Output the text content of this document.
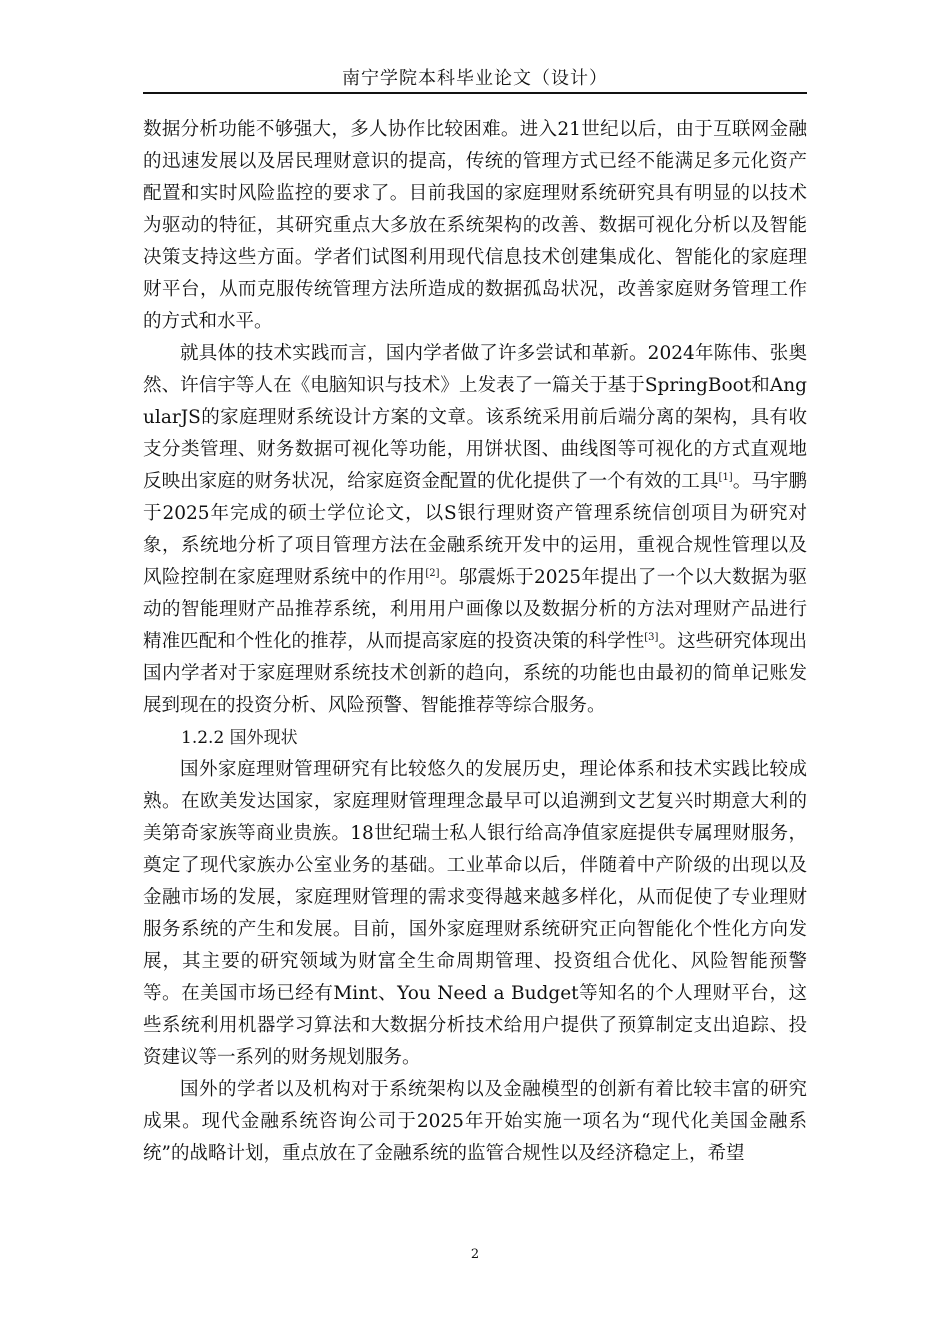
南宁学院本科毕业论文（设计）

数据分析功能不够强大，多人协作比较困难。进入21世纪以后，由于互联网金融的迅速发展以及居民理财意识的提高，传统的管理方式已经不能满足多元化资产配置和实时风险监控的要求了。目前我国的家庭理财系统研究具有明显的以技术为驱动的特征，其研究重点大多放在系统架构的改善、数据可视化分析以及智能决策支持这些方面。学者们试图利用现代信息技术创建集成化、智能化的家庭理财平台，从而克服传统管理方法所造成的数据孤岛状况，改善家庭财务管理工作的方式和水平。

就具体的技术实践而言，国内学者做了许多尝试和革新。2024年陈伟、张奥然、许信宇等人在《电脑知识与技术》上发表了一篇关于基于SpringBoot和AngularJS的家庭理财系统设计方案的文章。该系统采用前后端分离的架构，具有收支分类管理、财务数据可视化等功能，用饼状图、曲线图等可视化的方式直观地反映出家庭的财务状况，给家庭资金配置的优化提供了一个有效的工具[1]。马宇鹏于2025年完成的硕士学位论文，以S银行理财资产管理系统信创项目为研究对象，系统地分析了项目管理方法在金融系统开发中的运用，重视合规性管理以及风险控制在家庭理财系统中的作用[2]。邬震烁于2025年提出了一个以大数据为驱动的智能理财产品推荐系统，利用用户画像以及数据分析的方法对理财产品进行精准匹配和个性化的推荐，从而提高家庭的投资决策的科学性[3]。这些研究体现出国内学者对于家庭理财系统技术创新的趋向，系统的功能也由最初的简单记账发展到现在的投资分析、风险预警、智能推荐等综合服务。

1.2.2 国外现状

国外家庭理财管理研究有比较悠久的发展历史，理论体系和技术实践比较成熟。在欧美发达国家，家庭理财管理理念最早可以追溯到文艺复兴时期意大利的美第奇家族等商业贵族。18世纪瑞士私人银行给高净值家庭提供专属理财服务，奠定了现代家族办公室业务的基础。工业革命以后，伴随着中产阶级的出现以及金融市场的发展，家庭理财管理的需求变得越来越多样化，从而促使了专业理财服务系统的产生和发展。目前，国外家庭理财系统研究正向智能化个性化方向发展，其主要的研究领域为财富全生命周期管理、投资组合优化、风险智能预警等。在美国市场已经有Mint、You Need a Budget等知名的个人理财平台，这些系统利用机器学习算法和大数据分析技术给用户提供了预算制定支出追踪、投资建议等一系列的财务规划服务。

国外的学者以及机构对于系统架构以及金融模型的创新有着比较丰富的研究成果。现代金融系统咨询公司于2025年开始实施一项名为“现代化美国金融系统”的战略计划，重点放在了金融系统的监管合规性以及经济稳定上，希望

2
